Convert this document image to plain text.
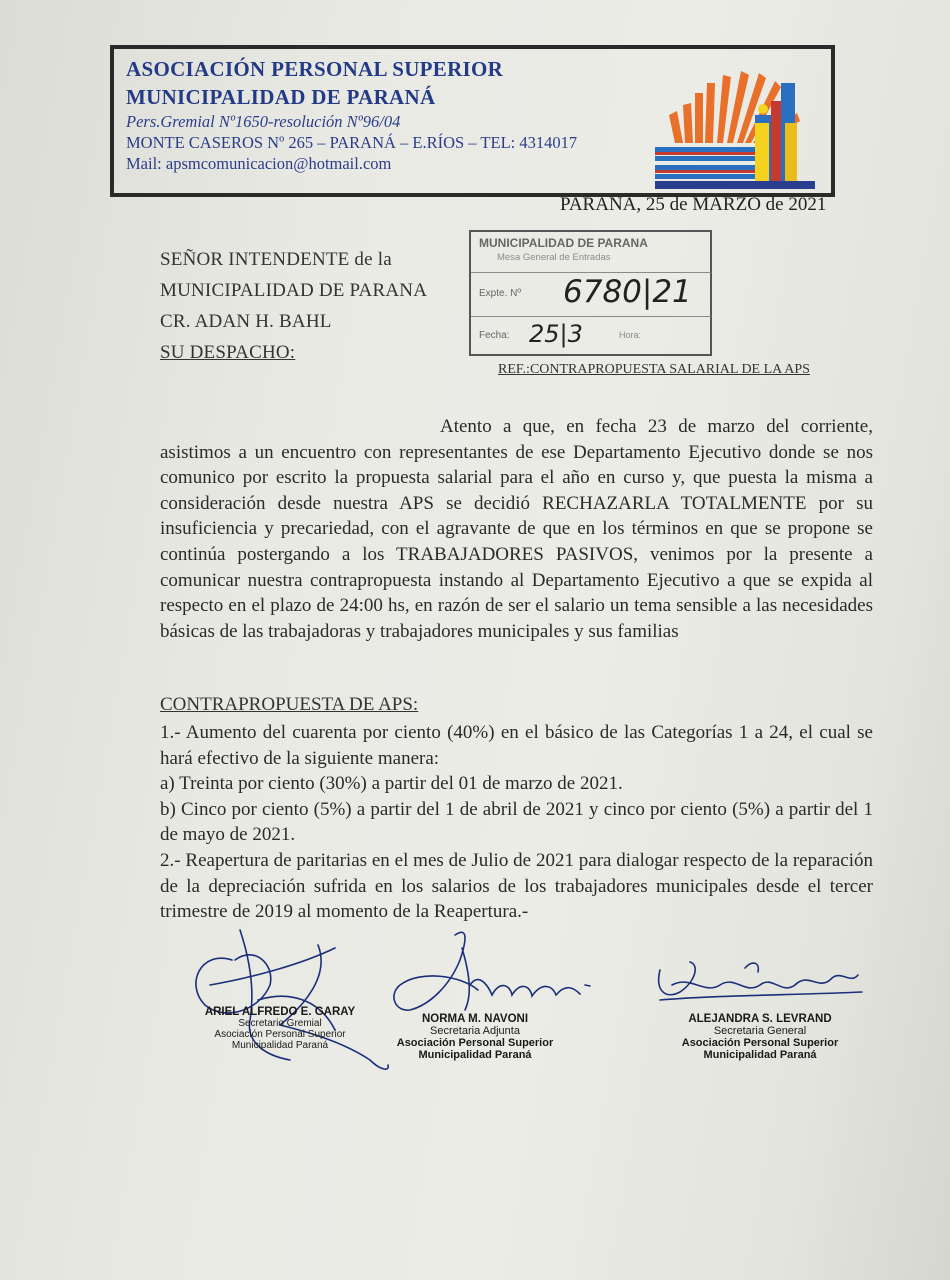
ASOCIACIÓN PERSONAL SUPERIOR
MUNICIPALIDAD DE PARANÁ
Pers.Gremial Nº1650-resolución Nº96/04
MONTE CASEROS Nº 265 – PARANÁ – E.RÍOS – TEL: 4314017
Mail: apsmcomunicacion@hotmail.com
PARANÁ, 25 de MARZO de 2021
SEÑOR INTENDENTE de la
MUNICIPALIDAD DE PARANA
CR. ADAN H. BAHL
SU DESPACHO:
MUNICIPALIDAD DE PARANA
Mesa General de Entradas
Expte. Nº 6780|21
Fecha: 25|3	Hora:
REF.:CONTRAPROPUESTA SALARIAL DE LA APS
Atento a que, en fecha 23 de marzo del corriente, asistimos a un encuentro con representantes de ese Departamento Ejecutivo donde se nos comunico por escrito la propuesta salarial para el año en curso y, que puesta la misma a consideración desde nuestra APS se decidió RECHAZARLA TOTALMENTE por su insuficiencia y precariedad, con el agravante de que en los términos en que se propone se continúa postergando a los TRABAJADORES PASIVOS, venimos por la presente a comunicar nuestra contrapropuesta instando al Departamento Ejecutivo a que se expida al respecto en el plazo de 24:00 hs, en razón de ser el salario un tema sensible a las necesidades básicas de las trabajadoras y trabajadores municipales y sus familias
CONTRAPROPUESTA DE APS:
1.- Aumento del cuarenta por ciento (40%) en el básico de las Categorías 1 a 24, el cual se hará efectivo de la siguiente manera:
a) Treinta por ciento (30%) a partir del 01 de marzo de 2021.
b) Cinco por ciento (5%) a partir del 1 de abril de 2021 y cinco por ciento (5%) a partir del 1 de mayo de 2021.
2.- Reapertura de paritarias en el mes de Julio de 2021 para dialogar respecto de la reparación de la depreciación sufrida en los salarios de los trabajadores municipales desde el tercer trimestre de 2019 al momento de la Reapertura.-
ARIEL ALFREDO E. GARAY
Secretario Gremial
Asociación Personal Superior
Municipalidad Paraná
NORMA M. NAVONI
Secretaria Adjunta
Asociación Personal Superior
Municipalidad Paraná
ALEJANDRA S. LEVRAND
Secretaria General
Asociación Personal Superior
Municipalidad Paraná
